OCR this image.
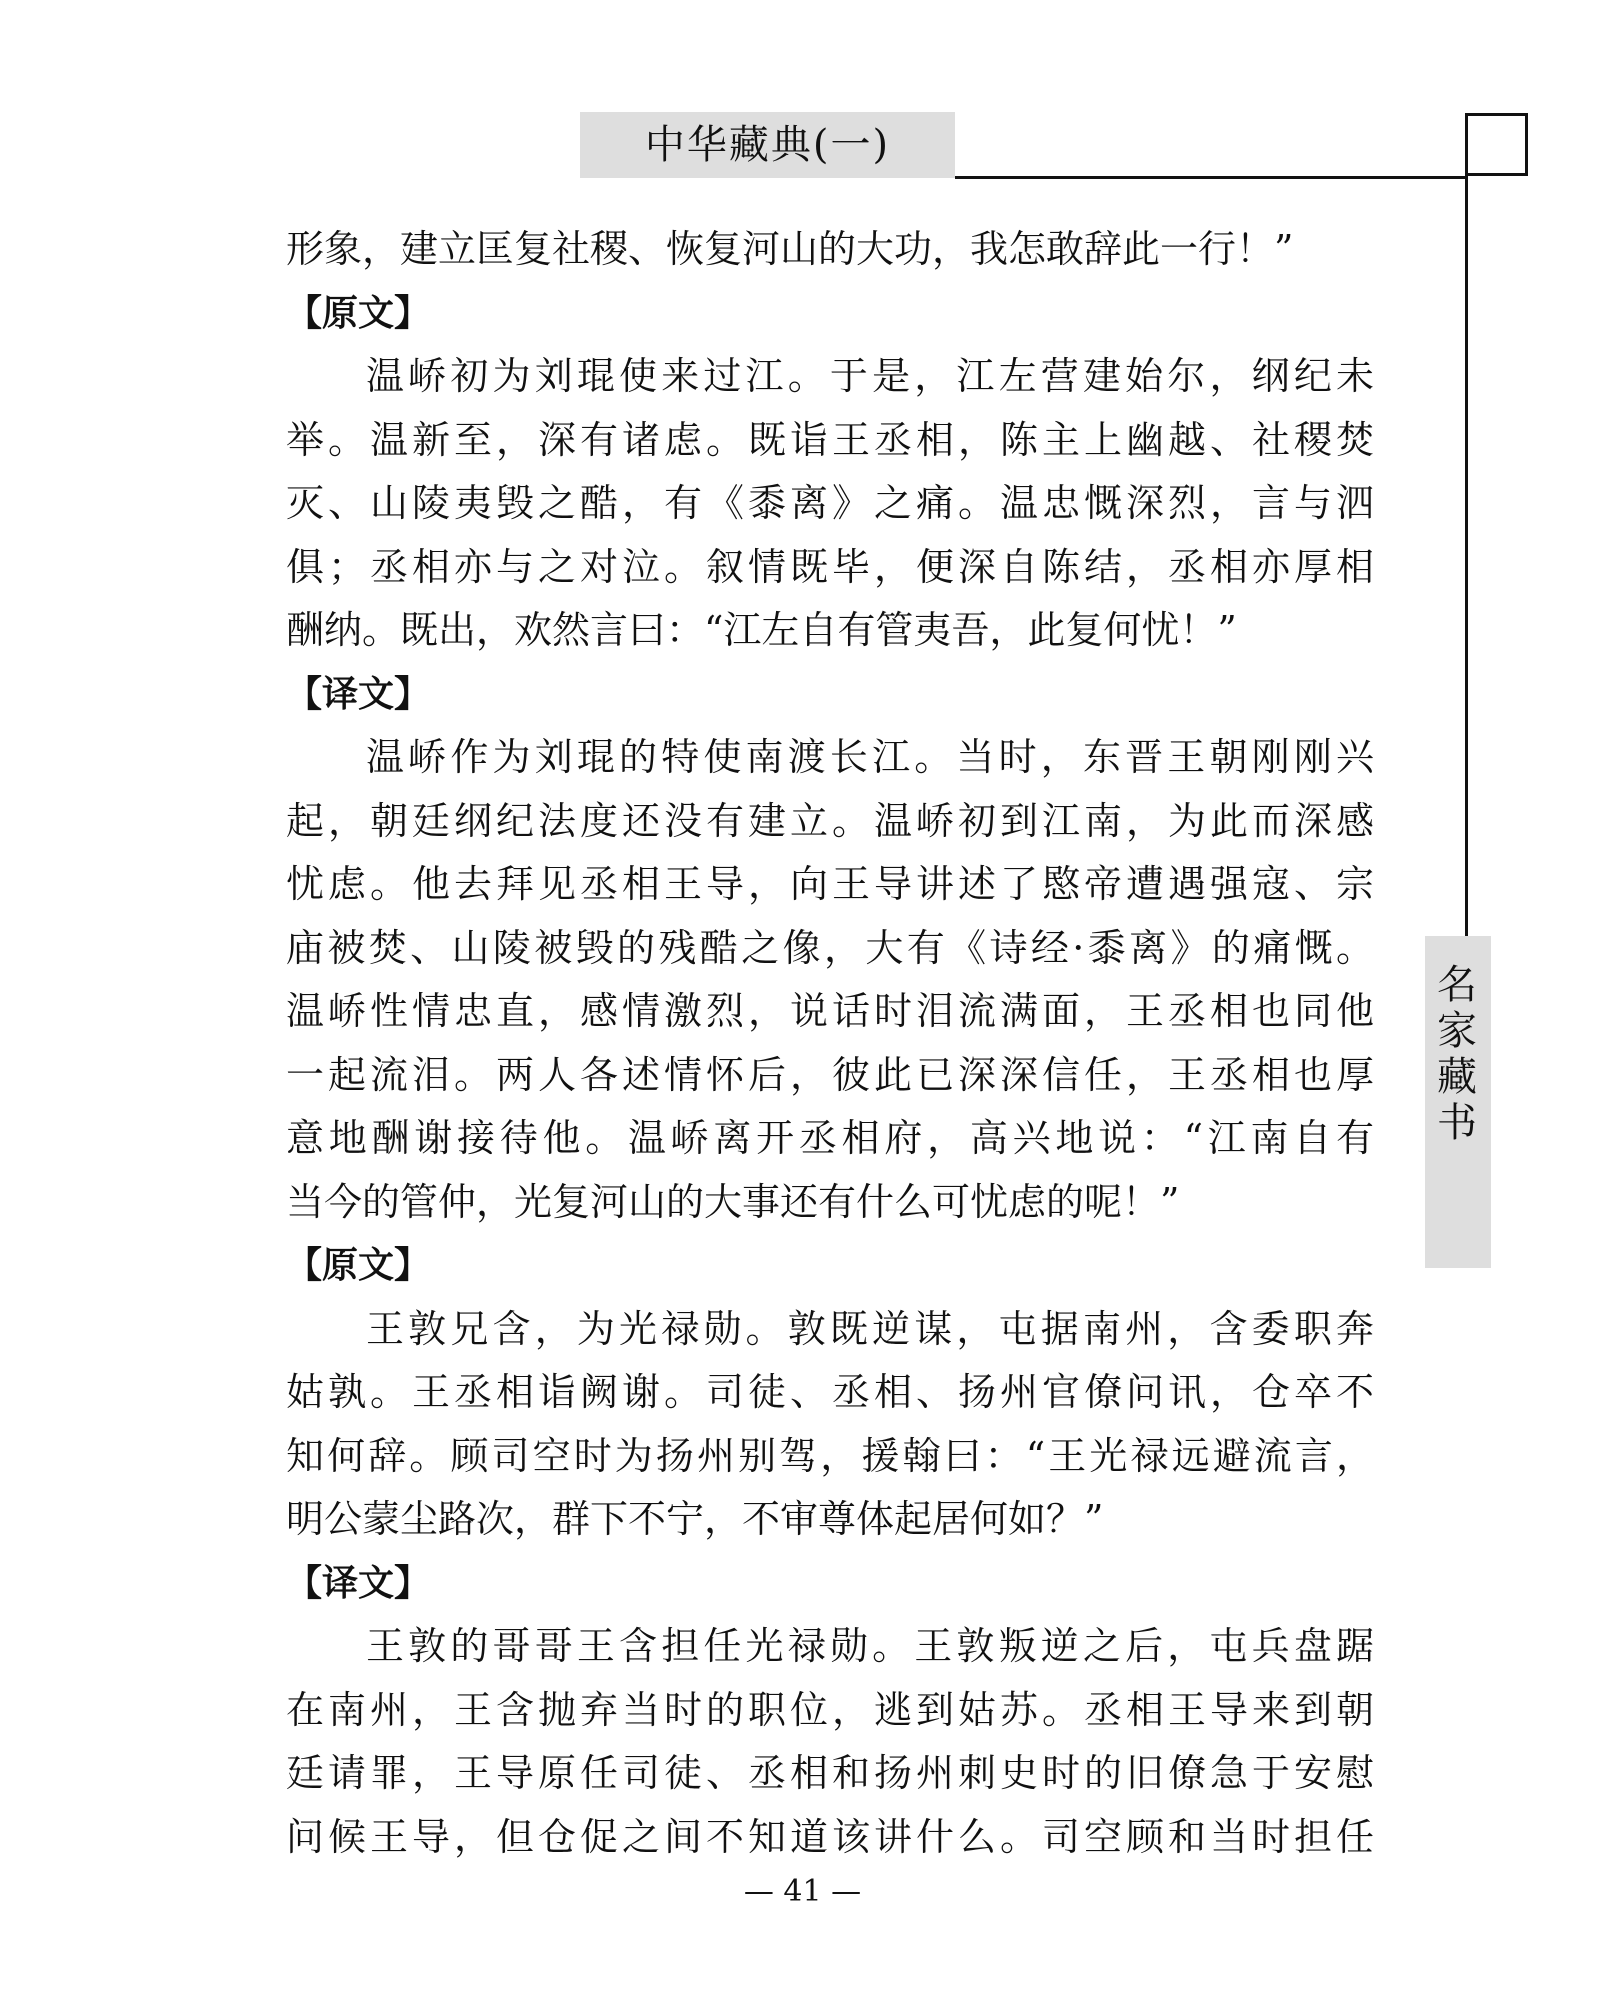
中华藏典(一)
名
家
藏
书
形象，建立匡复社稷、恢复河山的大功，我怎敢辞此一行！”
【原文】
温峤初为刘琨使来过江。于是，江左营建始尔，纲纪未
举。温新至，深有诸虑。既诣王丞相，陈主上幽越、社稷焚
灭、山陵夷毁之酷，有《黍离》之痛。温忠慨深烈，言与泗
俱；丞相亦与之对泣。叙情既毕，便深自陈结，丞相亦厚相
酬纳。既出，欢然言曰：“江左自有管夷吾，此复何忧！”
【译文】
温峤作为刘琨的特使南渡长江。当时，东晋王朝刚刚兴
起，朝廷纲纪法度还没有建立。温峤初到江南，为此而深感
忧虑。他去拜见丞相王导，向王导讲述了愍帝遭遇强寇、宗
庙被焚、山陵被毁的残酷之像，大有《诗经·黍离》的痛慨。
温峤性情忠直，感情激烈，说话时泪流满面，王丞相也同他
一起流泪。两人各述情怀后，彼此已深深信任，王丞相也厚
意地酬谢接待他。温峤离开丞相府，高兴地说：“江南自有
当今的管仲，光复河山的大事还有什么可忧虑的呢！”
【原文】
王敦兄含，为光禄勋。敦既逆谋，屯据南州，含委职奔
姑孰。王丞相诣阙谢。司徒、丞相、扬州官僚问讯，仓卒不
知何辞。顾司空时为扬州别驾，援翰曰：“王光禄远避流言，
明公蒙尘路次，群下不宁，不审尊体起居何如？”
【译文】
王敦的哥哥王含担任光禄勋。王敦叛逆之后，屯兵盘踞
在南州，王含抛弃当时的职位，逃到姑苏。丞相王导来到朝
廷请罪，王导原任司徒、丞相和扬州刺史时的旧僚急于安慰
问候王导，但仓促之间不知道该讲什么。司空顾和当时担任
— 41 —
